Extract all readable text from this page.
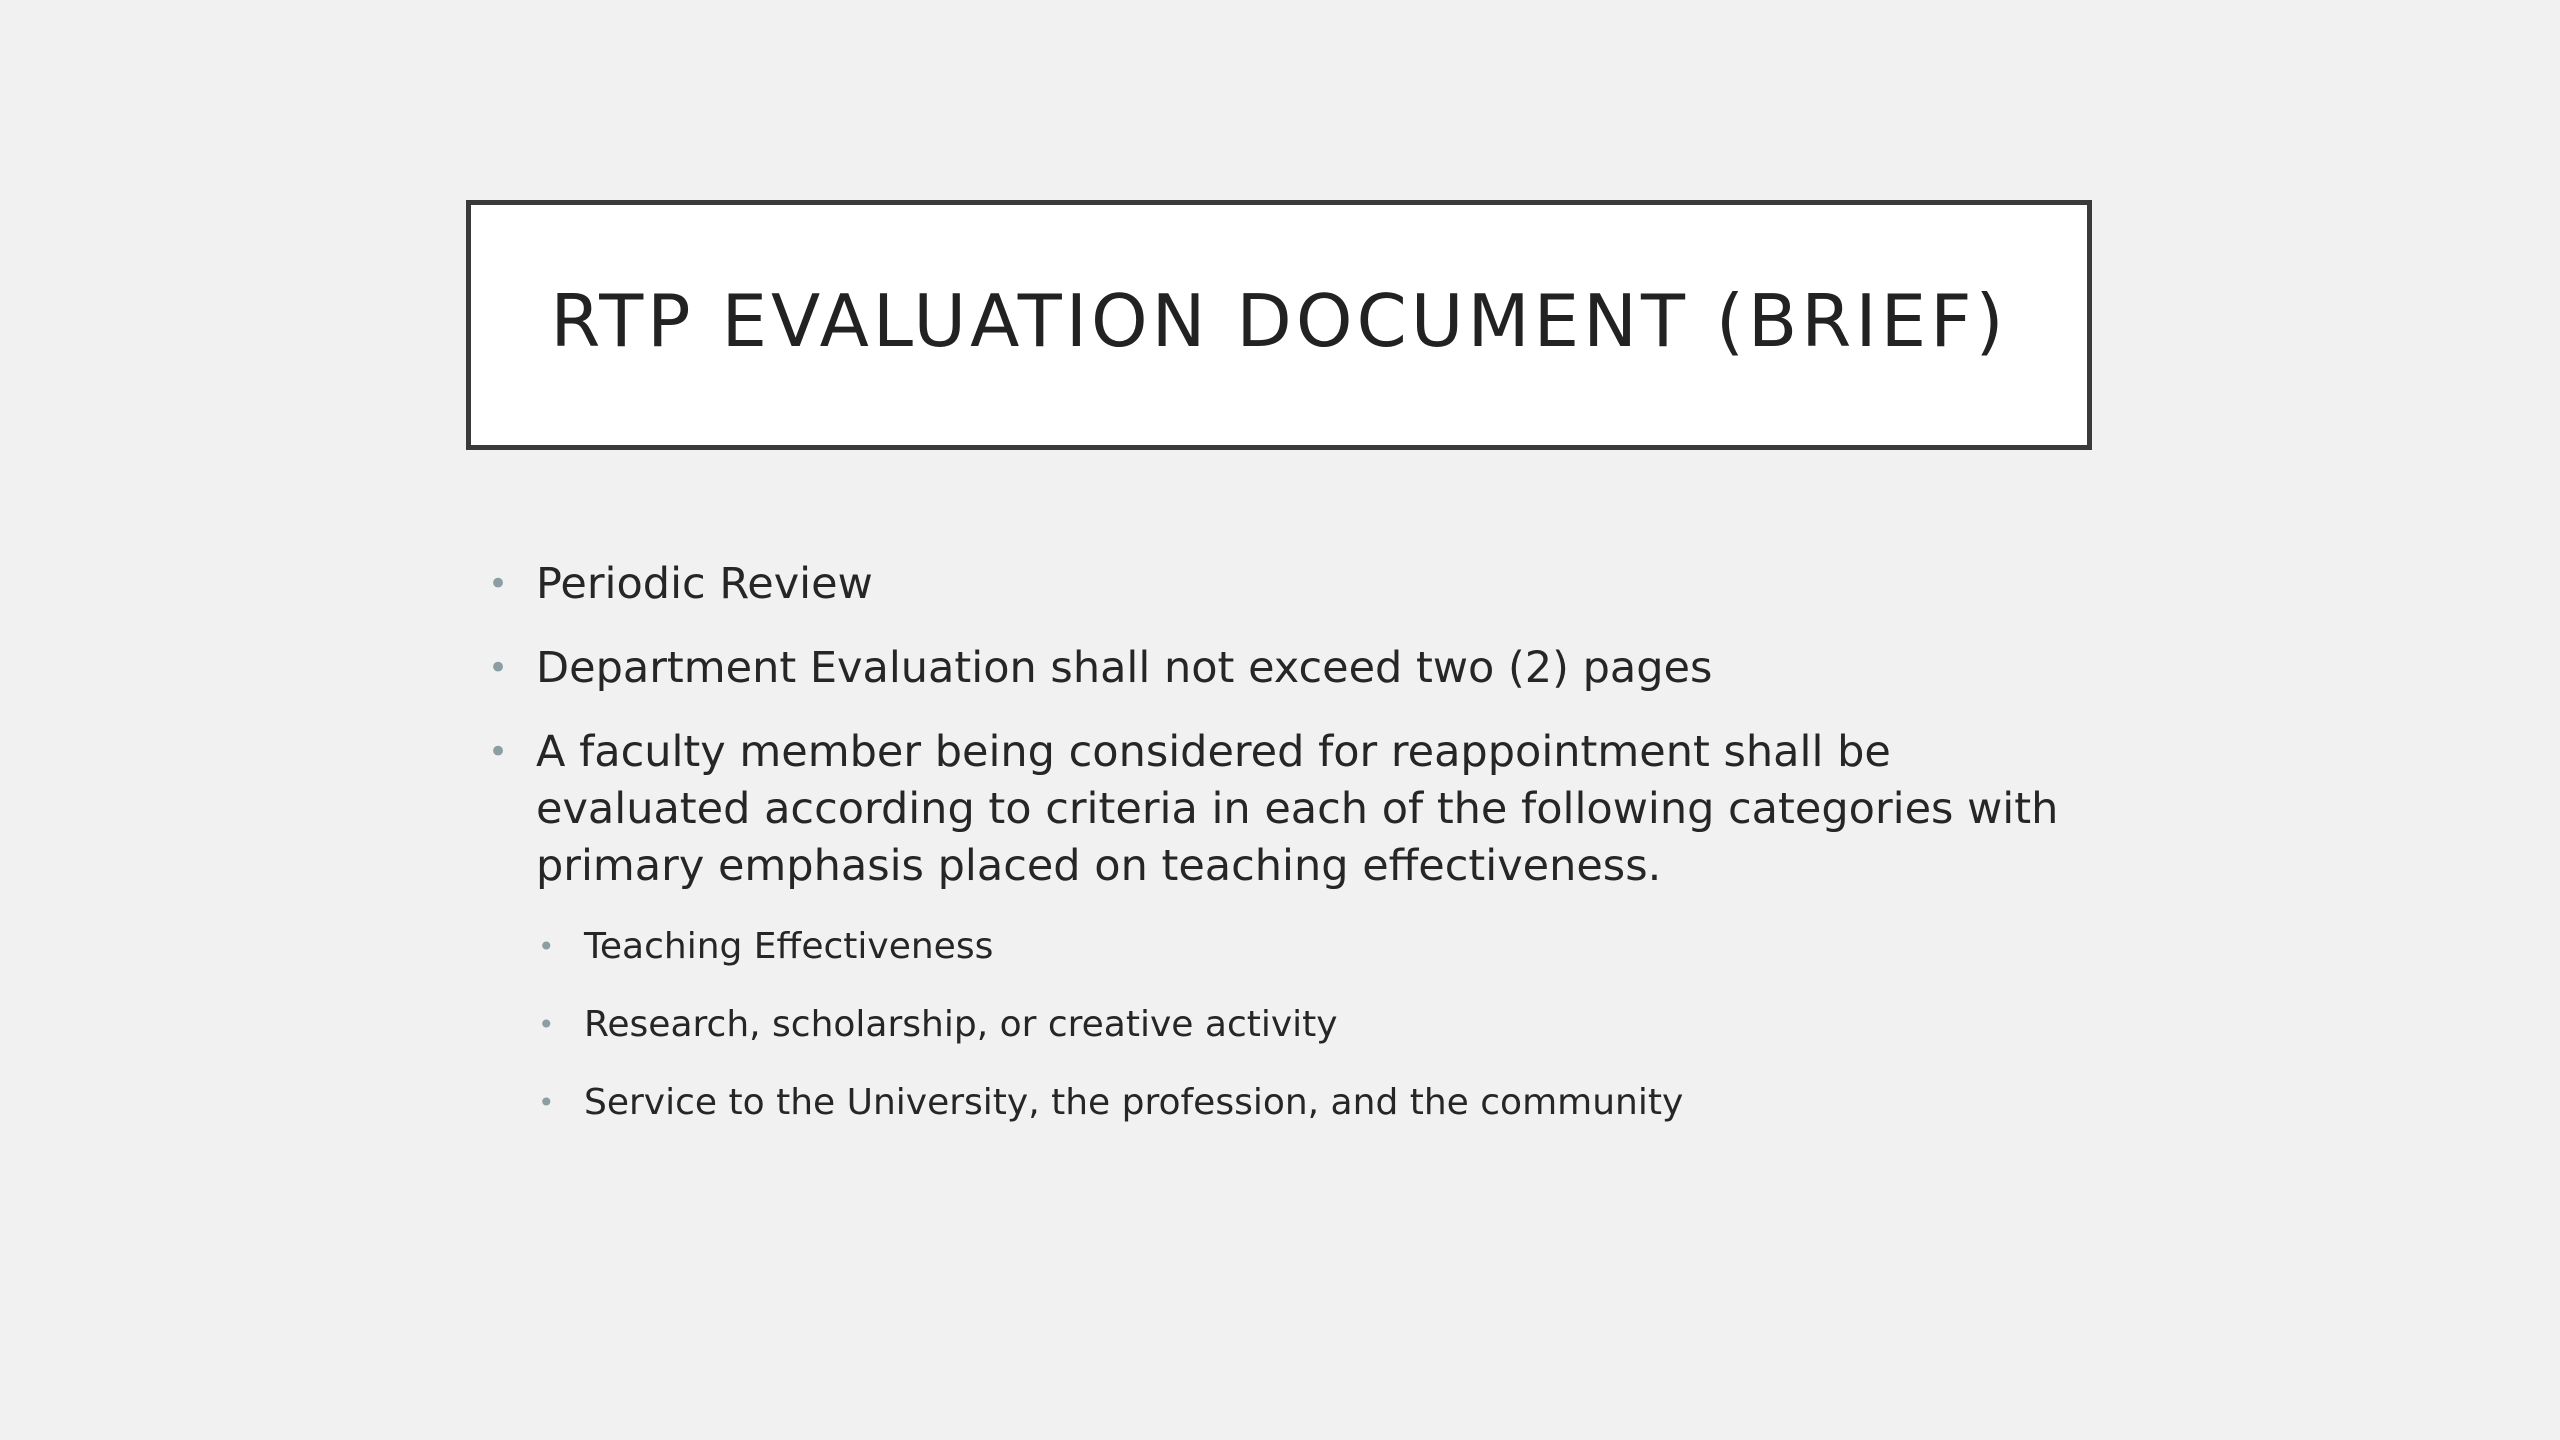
RTP EVALUATION DOCUMENT (BRIEF)
• Periodic Review
• Department Evaluation shall not exceed two (2) pages
• A faculty member being considered for reappointment shall be evaluated according to criteria in each of the following categories with primary emphasis placed on teaching effectiveness.
• Teaching Effectiveness
• Research, scholarship, or creative activity
• Service to the University, the profession, and the community
